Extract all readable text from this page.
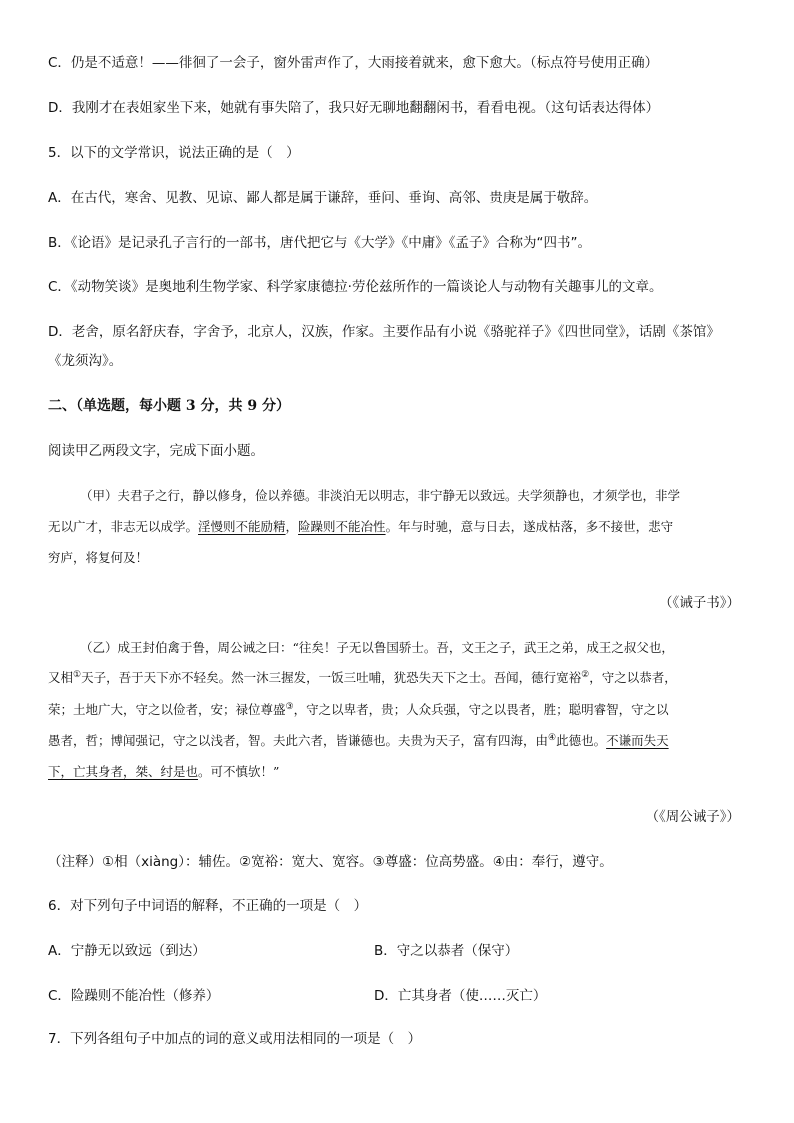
C．仍是不适意！——徘徊了一会子，窗外雷声作了，大雨接着就来，愈下愈大。（标点符号使用正确）
D．我刚才在表姐家坐下来，她就有事失陪了，我只好无聊地翻翻闲书，看看电视。（这句话表达得体）
5．以下的文学常识，说法正确的是（　）
A．在古代，寒舍、见教、见谅、鄙人都是属于谦辞，垂问、垂询、高邻、贵庚是属于敬辞。
B．《论语》是记录孔子言行的一部书，唐代把它与《大学》《中庸》《孟子》合称为“四书”。
C．《动物笑谈》是奥地利生物学家、科学家康德拉·劳伦兹所作的一篇谈论人与动物有关趣事儿的文章。
D．老舍，原名舒庆春，字舍予，北京人，汉族，作家。主要作品有小说《骆驼祥子》《四世同堂》，话剧《茶馆》
《龙须沟》。
二、（单选题，每小题 3 分，共 9 分）
阅读甲乙两段文字，完成下面小题。
（甲）夫君子之行，静以修身，俭以养德。非淡泊无以明志，非宁静无以致远。夫学须静也，才须学也，非学
无以广才，非志无以成学。淫慢则不能励精，险躁则不能冶性。年与时驰，意与日去，遂成枯落，多不接世，悲守
穷庐，将复何及！
（《诫子书》）
（乙）成王封伯禽于鲁，周公诫之曰：“往矣！子无以鲁国骄士。吾，文王之子，武王之弟，成王之叔父也，
又相①天子，吾于天下亦不轻矣。然一沐三握发，一饭三吐哺，犹恐失天下之士。吾闻，德行宽裕②，守之以恭者，
荣；土地广大，守之以俭者，安；禄位尊盛③，守之以卑者，贵；人众兵强，守之以畏者，胜；聪明睿智，守之以
愚者，哲；博闻强记，守之以浅者，智。夫此六者，皆谦德也。夫贵为天子，富有四海，由④此德也。不谦而失天
下，亡其身者，桀、纣是也。可不慎欤！”
（《周公诫子》）
（注释）①相（xiàng）：辅佐。②宽裕：宽大、宽容。③尊盛：位高势盛。④由：奉行，遵守。
6．对下列句子中词语的解释，不正确的一项是（　）
A．宁静无以致远（到达）	B．守之以恭者（保守）
C．险躁则不能冶性（修养）	D．亡其身者（使……灭亡）
7．下列各组句子中加点的词的意义或用法相同的一项是（　）
